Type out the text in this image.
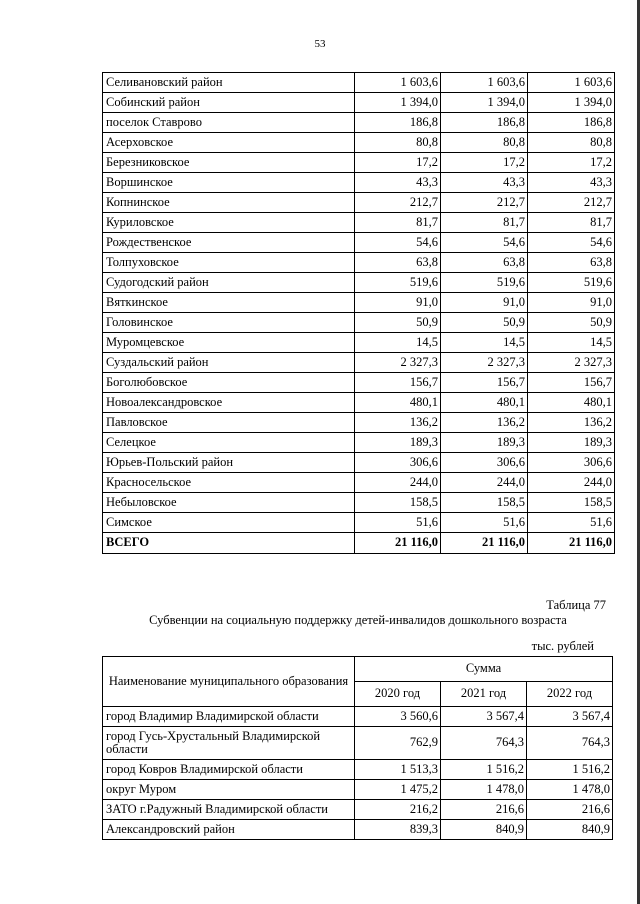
53
Селивановский район	1 603,6	1 603,6	1 603,6
Собинский район	1 394,0	1 394,0	1 394,0
поселок Ставрово	186,8	186,8	186,8
Асерховское	80,8	80,8	80,8
Березниковское	17,2	17,2	17,2
Воршинское	43,3	43,3	43,3
Копнинское	212,7	212,7	212,7
Куриловское	81,7	81,7	81,7
Рождественское	54,6	54,6	54,6
Толпуховское	63,8	63,8	63,8
Судогодский район	519,6	519,6	519,6
Вяткинское	91,0	91,0	91,0
Головинское	50,9	50,9	50,9
Муромцевское	14,5	14,5	14,5
Суздальский район	2 327,3	2 327,3	2 327,3
Боголюбовское	156,7	156,7	156,7
Новоалександровское	480,1	480,1	480,1
Павловское	136,2	136,2	136,2
Селецкое	189,3	189,3	189,3
Юрьев-Польский район	306,6	306,6	306,6
Красносельское	244,0	244,0	244,0
Небыловское	158,5	158,5	158,5
Симское	51,6	51,6	51,6
ВСЕГО	21 116,0	21 116,0	21 116,0
Таблица 77
Субвенции на социальную поддержку детей-инвалидов дошкольного возраста
тыс. рублей
Наименование муниципального образования	Сумма		
	2020 год	2021 год	2022 год
город Владимир Владимирской области	3 560,6	3 567,4	3 567,4
город Гусь-Хрустальный Владимирской области	762,9	764,3	764,3
город Ковров Владимирской области	1 513,3	1 516,2	1 516,2
округ Муром	1 475,2	1 478,0	1 478,0
ЗАТО г.Радужный Владимирской области	216,2	216,6	216,6
Александровский район	839,3	840,9	840,9
